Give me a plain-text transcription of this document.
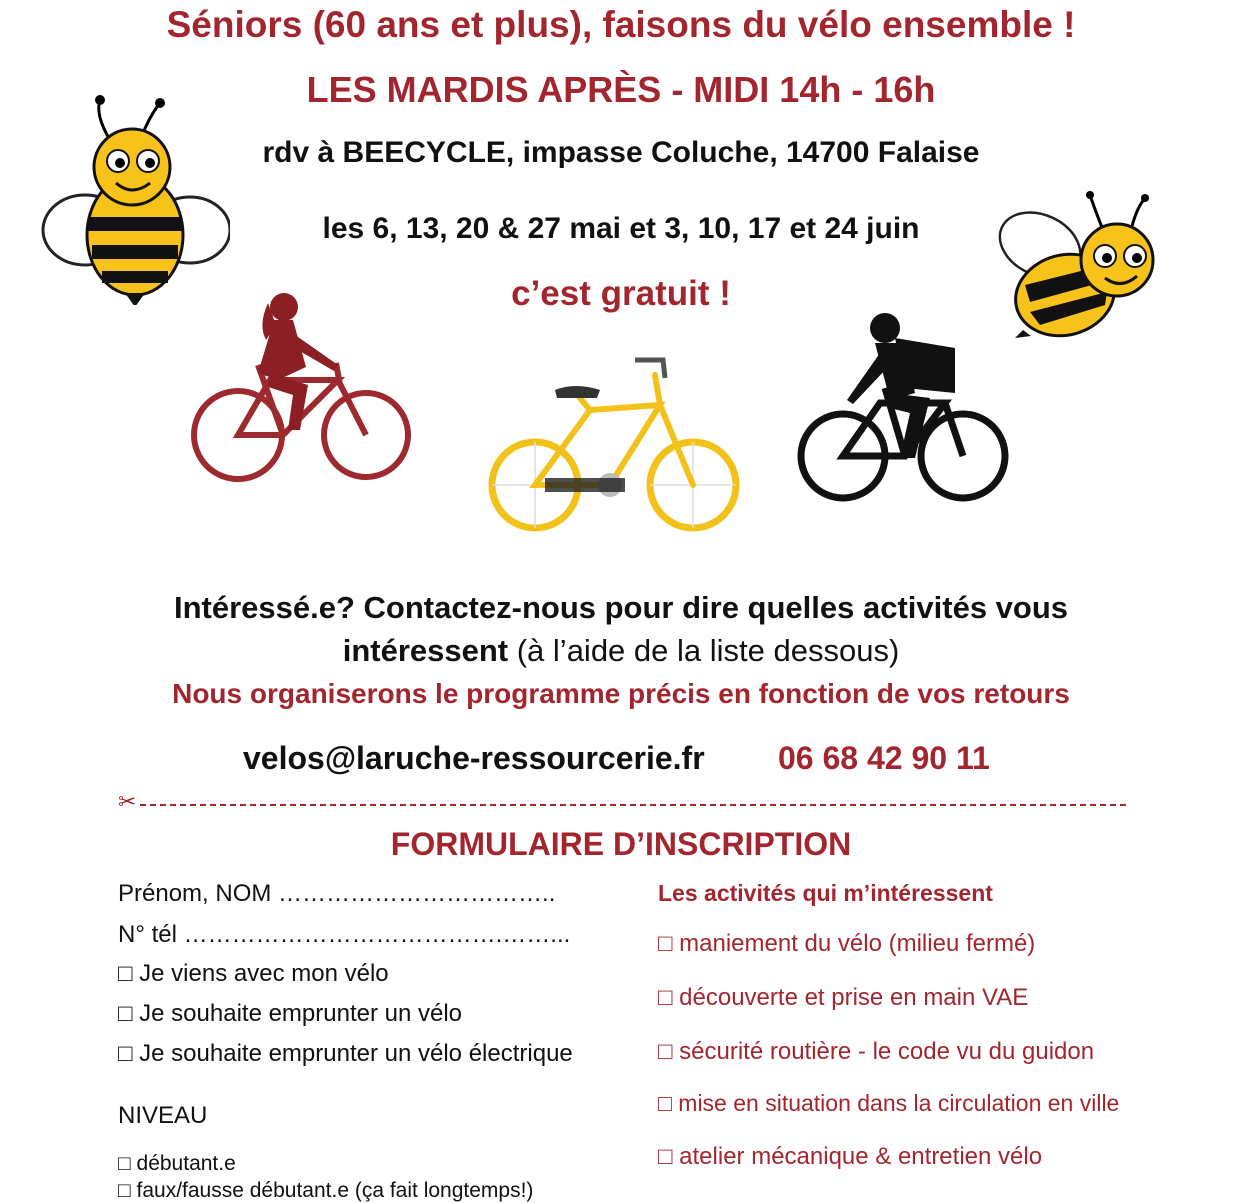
Séniors (60 ans et plus), faisons du vélo ensemble !
LES MARDIS APRÈS - MIDI 14h - 16h
rdv à BEECYCLE, impasse Coluche, 14700 Falaise
les 6, 13, 20 & 27 mai et 3, 10, 17 et 24 juin
c’est gratuit !
Intéressé.e? Contactez-nous pour dire quelles activités vous
intéressent (à l’aide de la liste dessous)
Nous organiserons le programme précis en fonction de vos retours
velos@laruche-ressourcerie.fr 06 68 42 90 11
✂
FORMULAIRE D’INSCRIPTION
Prénom, NOM ……………………………..
N° tél ………………………………….……...
□ Je viens avec mon vélo
□ Je souhaite emprunter un vélo
□ Je souhaite emprunter un vélo électrique
NIVEAU
□ débutant.e
□ faux/fausse débutant.e (ça fait longtemps!)
Les activités qui m’intéressent
□ maniement du vélo (milieu fermé)
□ découverte et prise en main VAE
□ sécurité routière - le code vu du guidon
□ mise en situation dans la circulation en ville
□ atelier mécanique & entretien vélo
